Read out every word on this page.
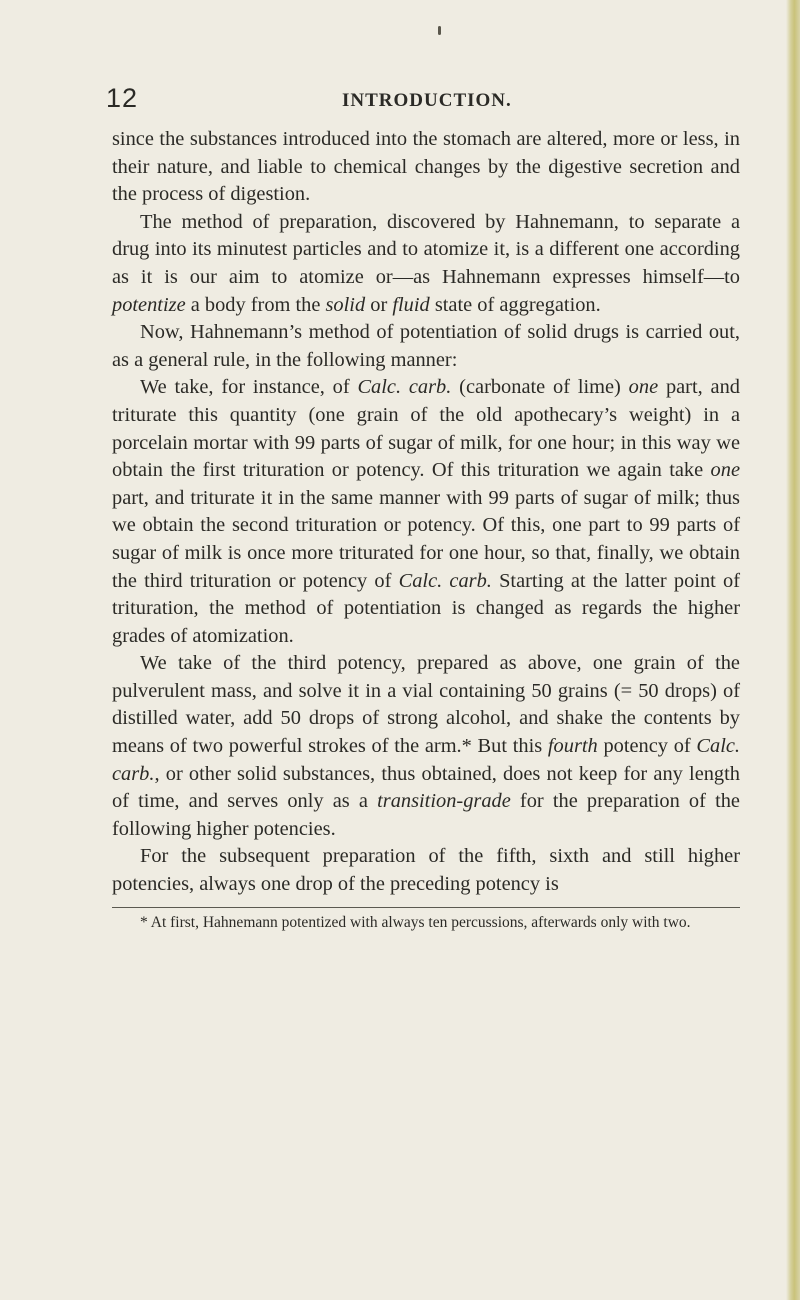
12	INTRODUCTION.

since the substances introduced into the stomach are altered, more or less, in their nature, and liable to chemical changes by the digestive secretion and the process of digestion.

The method of preparation, discovered by Hahnemann, to separate a drug into its minutest particles and to atomize it, is a different one according as it is our aim to atomize or—as Hahnemann expresses himself—to potentize a body from the solid or fluid state of aggregation.

Now, Hahnemann’s method of potentiation of solid drugs is carried out, as a general rule, in the following manner:

We take, for instance, of Calc. carb. (carbonate of lime) one part, and triturate this quantity (one grain of the old apothecary’s weight) in a porcelain mortar with 99 parts of sugar of milk, for one hour; in this way we obtain the first trituration or potency. Of this trituration we again take one part, and triturate it in the same manner with 99 parts of sugar of milk; thus we obtain the second trituration or potency. Of this, one part to 99 parts of sugar of milk is once more triturated for one hour, so that, finally, we obtain the third trituration or potency of Calc. carb. Starting at the latter point of trituration, the method of potentiation is changed as regards the higher grades of atomization.

We take of the third potency, prepared as above, one grain of the pulverulent mass, and solve it in a vial containing 50 grains (= 50 drops) of distilled water, add 50 drops of strong alcohol, and shake the contents by means of two powerful strokes of the arm.* But this fourth potency of Calc. carb., or other solid substances, thus obtained, does not keep for any length of time, and serves only as a transition-grade for the preparation of the following higher potencies.

For the subsequent preparation of the fifth, sixth and still higher potencies, always one drop of the preceding potency is

* At first, Hahnemann potentized with always ten percussions, afterwards only with two.
